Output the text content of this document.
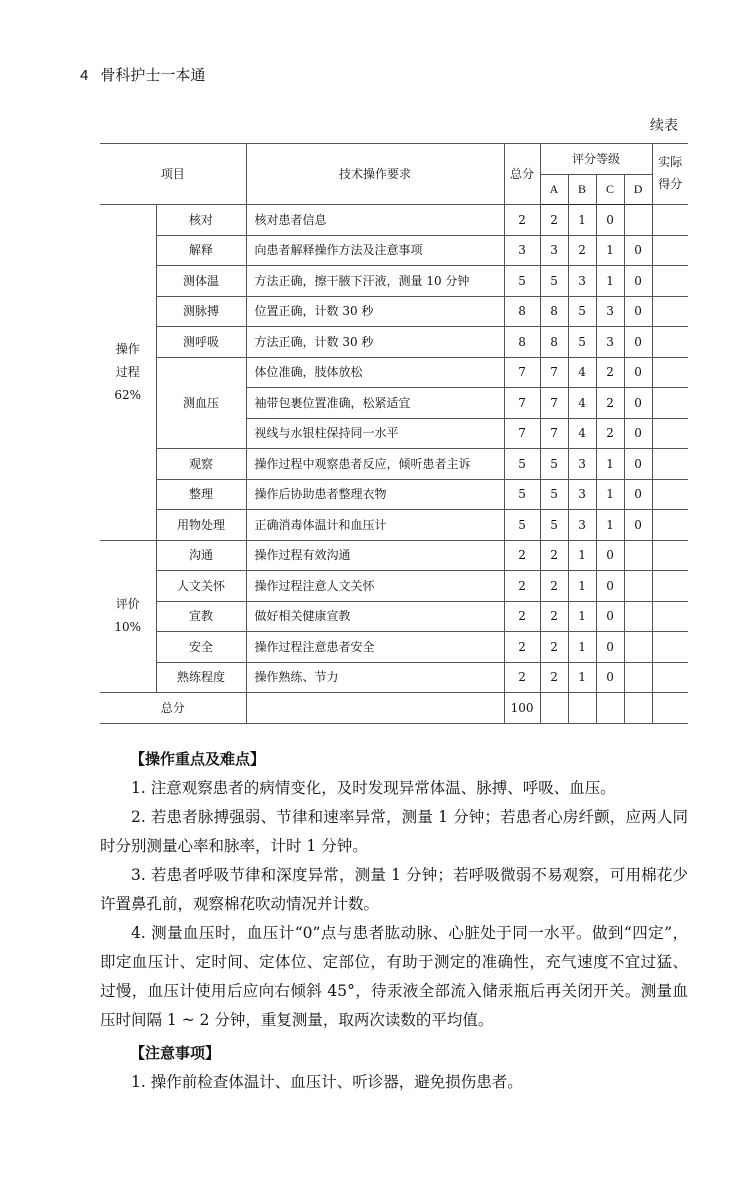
4 骨科护士一本通
续表
项目		技术操作要求	总分	评分等级				实际得分

				A	B	C	D	
操作
过程
62%	核对	核对患者信息	2	2	1	0		
	解释	向患者解释操作方法及注意事项	3	3	2	1	0	
	测体温	方法正确，擦干腋下汗液，测量 10 分钟	5	5	3	1	0	
	测脉搏	位置正确，计数 30 秒	8	8	5	3	0	
	测呼吸	方法正确，计数 30 秒	8	8	5	3	0	
	测血压	体位准确，肢体放松	7	7	4	2	0	
		袖带包裹位置准确，松紧适宜	7	7	4	2	0	
		视线与水银柱保持同一水平	7	7	4	2	0	
	观察	操作过程中观察患者反应，倾听患者主诉	5	5	3	1	0	
	整理	操作后协助患者整理衣物	5	5	3	1	0	
	用物处理	正确消毒体温计和血压计	5	5	3	1	0	
评价
10%	沟通	操作过程有效沟通	2	2	1	0		
	人文关怀	操作过程注意人文关怀	2	2	1	0		
	宣教	做好相关健康宣教	2	2	1	0		
	安全	操作过程注意患者安全	2	2	1	0		
	熟练程度	操作熟练、节力	2	2	1	0		
总分			100					
【操作重点及难点】

1. 注意观察患者的病情变化，及时发现异常体温、脉搏、呼吸、血压。

2. 若患者脉搏强弱、节律和速率异常，测量 1 分钟；若患者心房纤颤，应两人同时分别测量心率和脉率，计时 1 分钟。

3. 若患者呼吸节律和深度异常，测量 1 分钟；若呼吸微弱不易观察，可用棉花少许置鼻孔前，观察棉花吹动情况并计数。

4. 测量血压时，血压计“0”点与患者肱动脉、心脏处于同一水平。做到“四定”，即定血压计、定时间、定体位、定部位，有助于测定的准确性，充气速度不宜过猛、过慢，血压计使用后应向右倾斜 45°，待汞液全部流入储汞瓶后再关闭开关。测量血压时间隔 1 ~ 2 分钟，重复测量，取两次读数的平均值。

【注意事项】

1. 操作前检查体温计、血压计、听诊器，避免损伤患者。
